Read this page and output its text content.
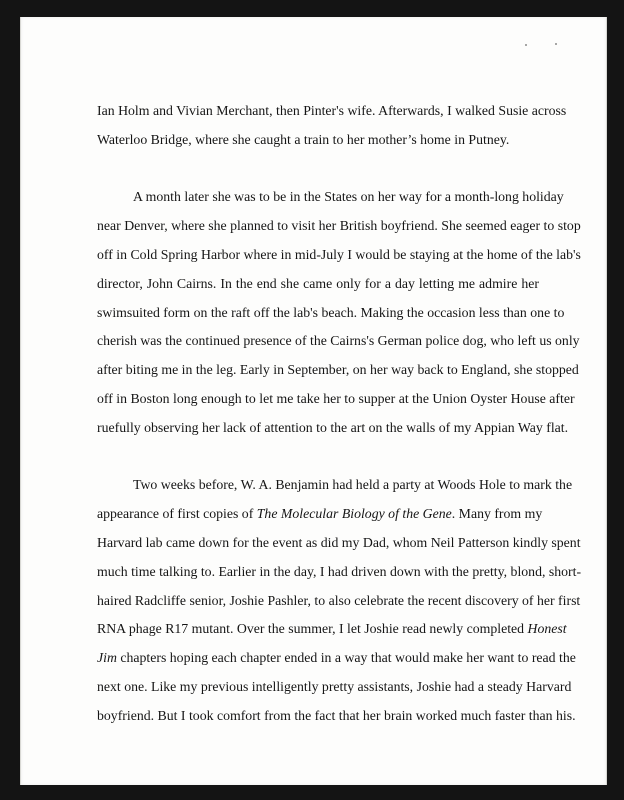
Ian Holm and Vivian Merchant, then Pinter's wife. Afterwards, I walked Susie across
Waterloo Bridge, where she caught a train to her mother’s home in Putney.

A month later she was to be in the States on her way for a month-long holiday
near Denver, where she planned to visit her British boyfriend. She seemed eager to stop
off in Cold Spring Harbor where in mid-July I would be staying at the home of the lab's
director, John Cairns. In the end she came only for a day letting me admire her
swimsuited form on the raft off the lab's beach. Making the occasion less than one to
cherish was the continued presence of the Cairns's German police dog, who left us only
after biting me in the leg. Early in September, on her way back to England, she stopped
off in Boston long enough to let me take her to supper at the Union Oyster House after
ruefully observing her lack of attention to the art on the walls of my Appian Way flat.

Two weeks before, W. A. Benjamin had held a party at Woods Hole to mark the
appearance of first copies of The Molecular Biology of the Gene. Many from my
Harvard lab came down for the event as did my Dad, whom Neil Patterson kindly spent
much time talking to. Earlier in the day, I had driven down with the pretty, blond, short-
haired Radcliffe senior, Joshie Pashler, to also celebrate the recent discovery of her first
RNA phage R17 mutant. Over the summer, I let Joshie read newly completed Honest
Jim chapters hoping each chapter ended in a way that would make her want to read the
next one. Like my previous intelligently pretty assistants, Joshie had a steady Harvard
boyfriend. But I took comfort from the fact that her brain worked much faster than his.
